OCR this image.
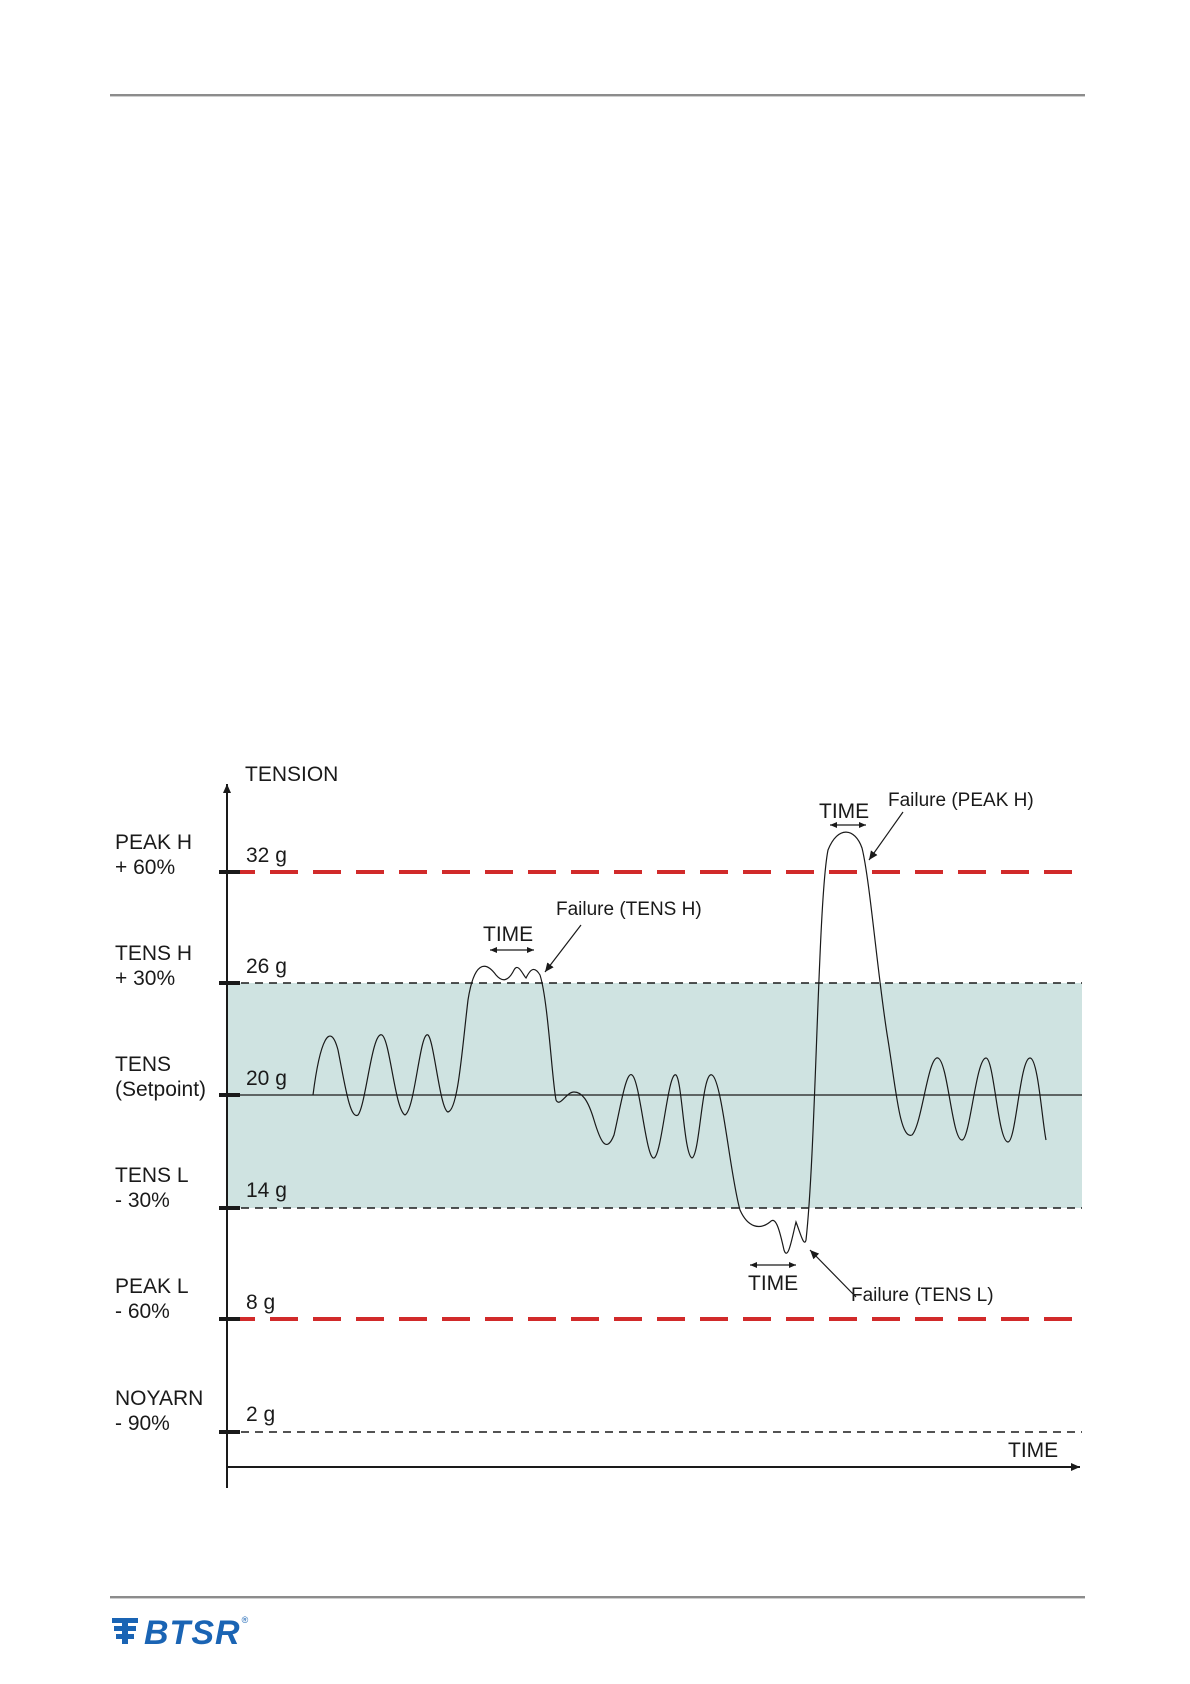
TENSION
TIME
PEAK H
+ 60%
TENS H
+ 30%
TENS
(Setpoint)
TENS L
- 30%
PEAK L
- 60%
NOYARN
- 90%
32 g
26 g
20 g
14 g
8 g
2 g
TIME
Failure (TENS H)
TIME Failure (PEAK H)
TIME
Failure (TENS L)
BTSR ®
